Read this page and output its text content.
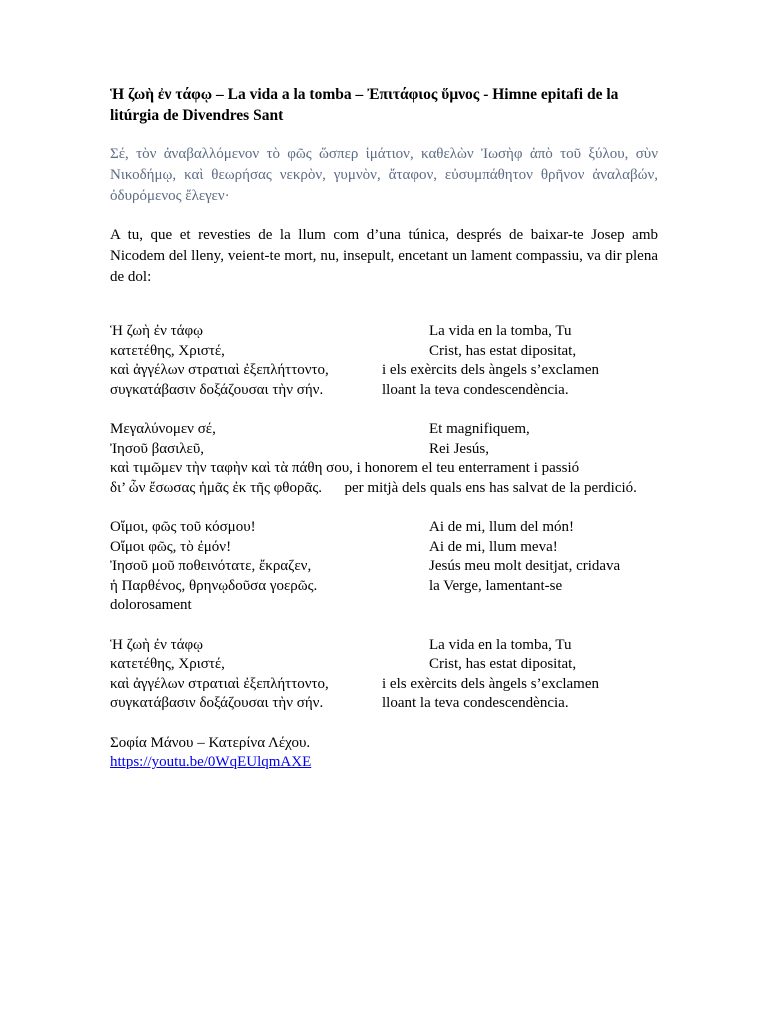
Ἡ ζωὴ ἐν τάφῳ – La vida a la tomba – Ἐπιτάφιος ὕμνος - Himne epitafi de la litúrgia de Divendres Sant

Σέ, τὸν ἀναβαλλόμενον τὸ φῶς ὥσπερ ἱμάτιον, καθελὼν Ἰωσὴφ ἀπὸ τοῦ ξύλου, σὺν Νικοδήμῳ, καὶ θεωρήσας νεκρὸν, γυμνὸν, ἄταφον, εὐσυμπάθητον θρῆνον ἀναλαβών, ὀδυρόμενος ἔλεγεν·
A tu, que et revesties de la llum com d’una túnica, després de baixar-te Josep amb Nicodem del lleny, veient-te mort, nu, insepult, encetant un lament compassiu, va dir plena de dol:
Ἡ ζωὴ ἐν τάφῳ	La vida en la tomba, Tu
κατετέθης, Χριστέ,	Crist, has estat dipositat,
καὶ ἀγγέλων στρατιαὶ ἐξεπλήττοντο,	i els exèrcits dels àngels s’exclamen
συγκατάβασιν δοξάζουσαι τὴν σήν.	lloant la teva condescendència.
Μεγαλύνομεν σέ,	Et magnifiquem,
Ἰησοῦ βασιλεῦ,	Rei Jesús,
καὶ τιμῶμεν τὴν ταφὴν καὶ τὰ πάθη σου, i honorem el teu enterrament i passió
δι’ ὧν ἔσωσας ἡμᾶς ἐκ τῆς φθορᾶς.      per mitjà dels quals ens has salvat de la perdició.
Οἴμοι, φῶς τοῦ κόσμου!	Ai de mi, llum del món!
Οἴμοι φῶς, τὸ ἐμόν!	Ai de mi, llum meva!
Ἰησοῦ μοῦ ποθεινότατε, ἔκραζεν,	Jesús meu molt desitjat, cridava
ἡ Παρθένος, θρηνῳδοῦσα γοερῶς.	la Verge, lamentant-se
dolorosament
Ἡ ζωὴ ἐν τάφῳ	La vida en la tomba, Tu
κατετέθης, Χριστέ,	Crist, has estat dipositat,
καὶ ἀγγέλων στρατιαὶ ἐξεπλήττοντο,	i els exèrcits dels àngels s’exclamen
συγκατάβασιν δοξάζουσαι τὴν σήν.	lloant la teva condescendència.
Σοφία Μάνου – Κατερίνα Λέχου.
https://youtu.be/0WqEUlqmAXE
